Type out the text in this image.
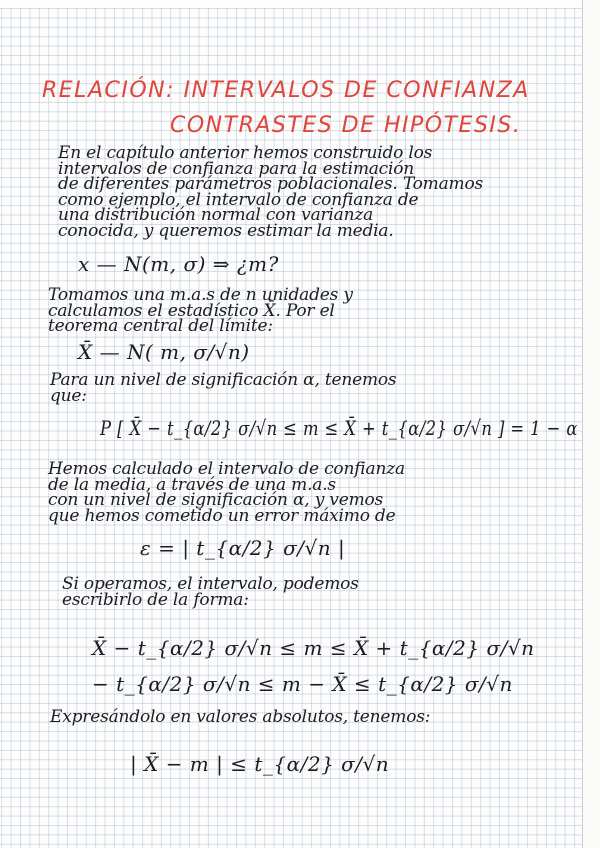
RELACIÓN: INTERVALOS DE CONFIANZA
CONTRASTES DE HIPÓTESIS.
En el capítulo anterior hemos construido los
intervalos de confianza para la estimación
de diferentes parámetros poblacionales. Tomamos
como ejemplo, el intervalo de confianza de
una distribución normal con varianza
conocida, y queremos estimar la media.
x — N(m, σ) ⇒ ¿m?
Tomamos una m.a.s de n unidades y
calculamos el estadístico X̄. Por el
teorema central del límite:
X̄ — N( m, σ/√n)
Para un nivel de significación α, tenemos
que:
P [ X̄ − t_{α/2} σ/√n ≤ m ≤ X̄ + t_{α/2} σ/√n ] = 1 − α
Hemos calculado el intervalo de confianza
de la media, a través de una m.a.s
con un nivel de significación α, y vemos
que hemos cometido un error máximo de
ε = | t_{α/2} σ/√n |
Si operamos, el intervalo, podemos
escribirlo de la forma:
X̄ − t_{α/2} σ/√n ≤ m ≤ X̄ + t_{α/2} σ/√n
− t_{α/2} σ/√n ≤ m − X̄ ≤ t_{α/2} σ/√n
Expresándolo en valores absolutos, tenemos:
| X̄ − m | ≤ t_{α/2} σ/√n
